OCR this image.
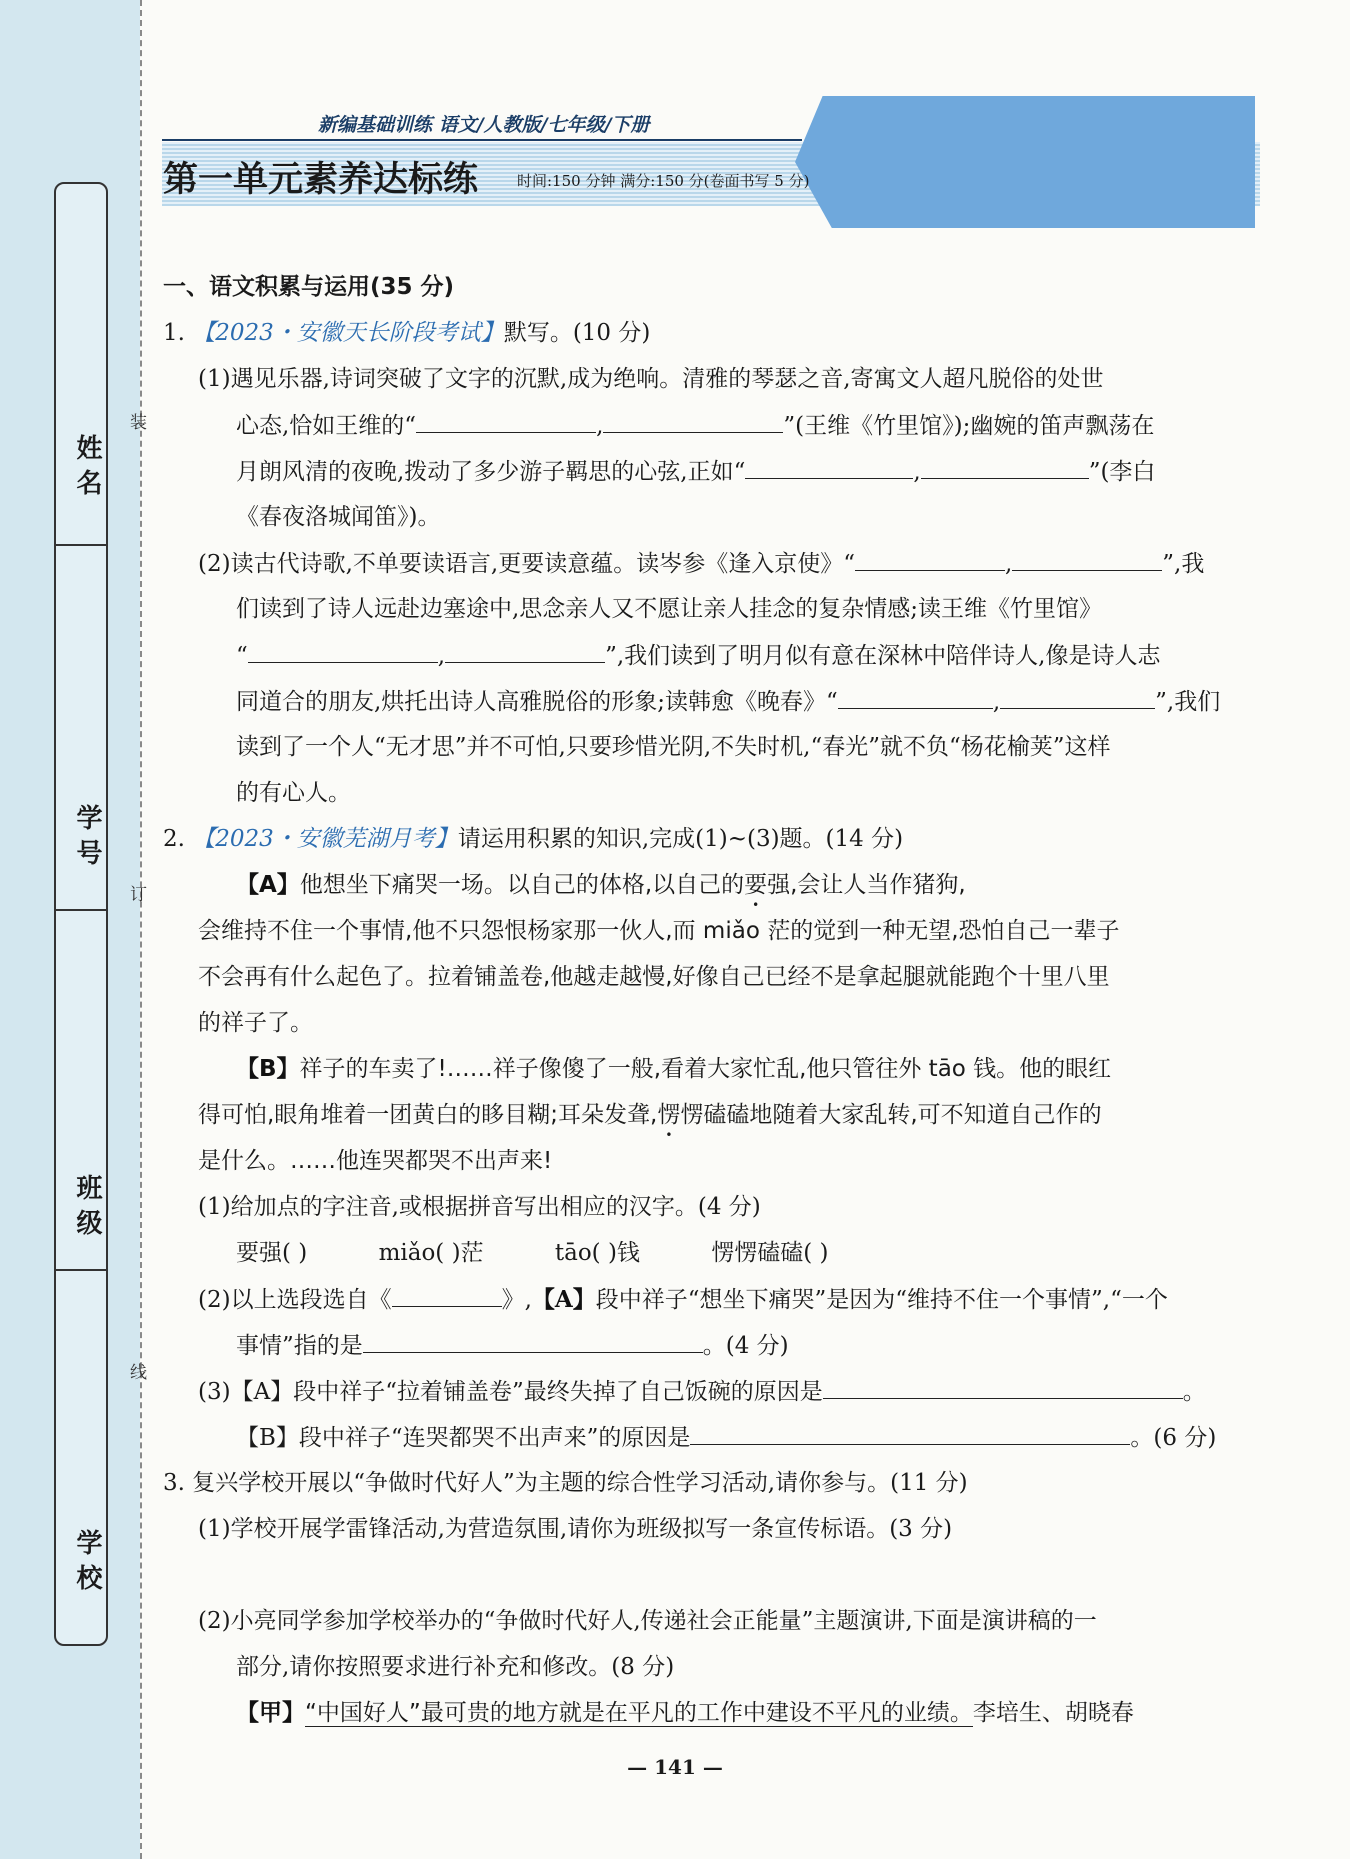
姓 名
学 号
班 级
学 校
装
订
线
新编基础训练 语文/人教版/七年级/下册
第一单元素养达标练	时间:150 分钟 满分:150 分(卷面书写 5 分)
一、语文积累与运用(35 分)
1. 【2023・安徽天长阶段考试】默写。(10 分)
(1)遇见乐器,诗词突破了文字的沉默,成为绝响。清雅的琴瑟之音,寄寓文人超凡脱俗的处世
心态,恰如王维的“	,	”(王维《竹里馆》);幽婉的笛声飘荡在
月朗风清的夜晚,拨动了多少游子羁思的心弦,正如“	,	”(李白
《春夜洛城闻笛》)。
(2)读古代诗歌,不单要读语言,更要读意蕴。读岑参《逢入京使》“	,	”,我
们读到了诗人远赴边塞途中,思念亲人又不愿让亲人挂念的复杂情感;读王维《竹里馆》
“	,	”,我们读到了明月似有意在深林中陪伴诗人,像是诗人志
同道合的朋友,烘托出诗人高雅脱俗的形象;读韩愈《晚春》“	,	”,我们
读到了一个人“无才思”并不可怕,只要珍惜光阴,不失时机,“春光”就不负“杨花榆荚”这样
的有心人。
2. 【2023・安徽芜湖月考】请运用积累的知识,完成(1)~(3)题。(14 分)
【A】他想坐下痛哭一场。以自己的体格,以自己的要强,会让人当作猪狗,
会维持不住一个事情,他不只怨恨杨家那一伙人,而 miǎo 茫的觉到一种无望,恐怕自己一辈子
不会再有什么起色了。拉着铺盖卷,他越走越慢,好像自己已经不是拿起腿就能跑个十里八里
的祥子了。
【B】祥子的车卖了!……祥子像傻了一般,看着大家忙乱,他只管往外 tāo 钱。他的眼红
得可怕,眼角堆着一团黄白的眵目糊;耳朵发聋,愣愣磕磕地随着大家乱转,可不知道自己作的
是什么。……他连哭都哭不出声来!
(1)给加点的字注音,或根据拼音写出相应的汉字。(4 分)
要强( )	miǎo( )茫	tāo( )钱	愣愣磕磕( )
(2)以上选段选自《	》,【A】段中祥子“想坐下痛哭”是因为“维持不住一个事情”,“一个
事情”指的是	。(4 分)
(3)【A】段中祥子“拉着铺盖卷”最终失掉了自己饭碗的原因是	。
【B】段中祥子“连哭都哭不出声来”的原因是	。(6 分)
3. 复兴学校开展以“争做时代好人”为主题的综合性学习活动,请你参与。(11 分)
(1)学校开展学雷锋活动,为营造氛围,请你为班级拟写一条宣传标语。(3 分)
(2)小亮同学参加学校举办的“争做时代好人,传递社会正能量”主题演讲,下面是演讲稿的一
部分,请你按照要求进行补充和修改。(8 分)
【甲】“中国好人”最可贵的地方就是在平凡的工作中建设不平凡的业绩。李培生、胡晓春
— 141 —
